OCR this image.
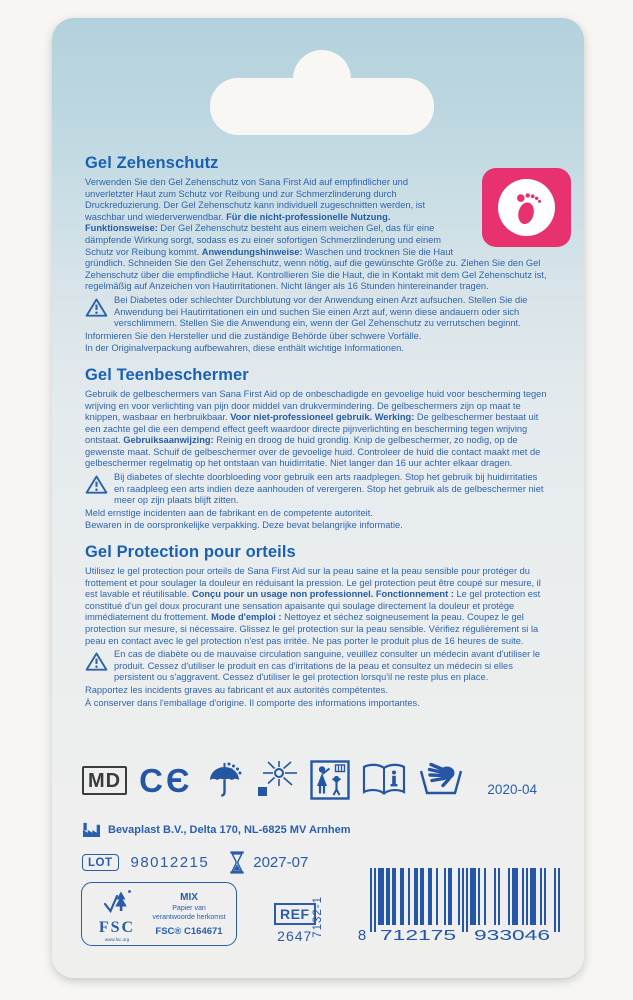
Gel Zehenschutz

Verwenden Sie den Gel Zehenschutz von Sana First Aid auf empfindlicher und unverletzter Haut zum Schutz vor Reibung und zur Schmerzlinderung durch Druckreduzierung. Der Gel Zehenschutz kann individuell zugeschnitten werden, ist waschbar und wiederverwendbar. Für die nicht-professionelle Nutzung. Funktionsweise: Der Gel Zehenschutz besteht aus einem weichen Gel, das für eine dämpfende Wirkung sorgt, sodass es zu einer sofortigen Schmerzlinderung und einem Schutz vor Reibung kommt. Anwendungshinweise: Waschen und trocknen Sie die Haut gründlich. Schneiden Sie den Gel Zehenschutz, wenn nötig, auf die gewünschte Größe zu. Ziehen Sie den Gel Zehenschutz über die empfindliche Haut. Kontrollieren Sie die Haut, die in Kontakt mit dem Gel Zehenschutz ist, regelmäßig auf Anzeichen von Hautirritationen. Nicht länger als 16 Stunden hintereinander tragen.

Bei Diabetes oder schlechter Durchblutung vor der Anwendung einen Arzt aufsuchen. Stellen Sie die Anwendung bei Hautirritationen ein und suchen Sie einen Arzt auf, wenn diese andauern oder sich verschlimmern. Stellen Sie die Anwendung ein, wenn der Gel Zehenschutz zu verrutschen beginnt.

Informieren Sie den Hersteller und die zuständige Behörde über schwere Vorfälle.

In der Originalverpackung aufbewahren, diese enthält wichtige Informationen.

Gel Teenbeschermer

Gebruik de gelbeschermers van Sana First Aid op de onbeschadigde en gevoelige huid voor bescherming tegen wrijving en voor verlichting van pijn door middel van drukvermindering. De gelbeschermers zijn op maat te knippen, wasbaar en herbruikbaar. Voor niet-professioneel gebruik. Werking: De gelbeschermer bestaat uit een zachte gel die een dempend effect geeft waardoor directe pijnverlichting en bescherming tegen wrijving ontstaat. Gebruiksaanwijzing: Reinig en droog de huid grondig. Knip de gelbeschermer, zo nodig, op de gewenste maat. Schuif de gelbeschermer over de gevoelige huid. Controleer de huid die contact maakt met de gelbeschermer regelmatig op het ontstaan van huidirritatie. Niet langer dan 16 uur achter elkaar dragen.

Bij diabetes of slechte doorbloeding voor gebruik een arts raadplegen. Stop het gebruik bij huidirritaties en raadpleeg een arts indien deze aanhouden of verergeren. Stop het gebruik als de gelbeschermer niet meer op zijn plaats blijft zitten.

Meld ernstige incidenten aan de fabrikant en de competente autoriteit.

Bewaren in de oorspronkelijke verpakking. Deze bevat belangrijke informatie.

Gel Protection pour orteils

Utilisez le gel protection pour orteils de Sana First Aid sur la peau saine et la peau sensible pour protéger du frottement et pour soulager la douleur en réduisant la pression. Le gel protection peut être coupé sur mesure, il est lavable et réutilisable. Conçu pour un usage non professionnel. Fonctionnement : Le gel protection est constitué d'un gel doux procurant une sensation apaisante qui soulage directement la douleur et protège immédiatement du frottement. Mode d'emploi : Nettoyez et séchez soigneusement la peau. Coupez le gel protection sur mesure, si nécessaire. Glissez le gel protection sur la peau sensible. Vérifiez régulièrement si la peau en contact avec le gel protection n'est pas irritée. Ne pas porter le produit plus de 16 heures de suite.

En cas de diabète ou de mauvaise circulation sanguine, veuillez consulter un médecin avant d'utiliser le produit. Cessez d'utiliser le produit en cas d'irritations de la peau et consultez un médecin si elles persistent ou s'aggravent. Cessez d'utiliser le gel protection lorsqu'il ne reste plus en place.

Rapportez les incidents graves au fabricant et aux autorités compétentes.

À conserver dans l'emballage d'origine. Il comporte des informations importantes.

MD CЄ	2020-04
Bevaplast B.V., Delta 170, NL-6825 MV Arnhem
LOT	98012215	2027-07
FSC
www.fsc.org
MIX
Papier van
verantwoorde herkomst
FSC® C164671
REF
2647 7132-1 8 712175 933046
